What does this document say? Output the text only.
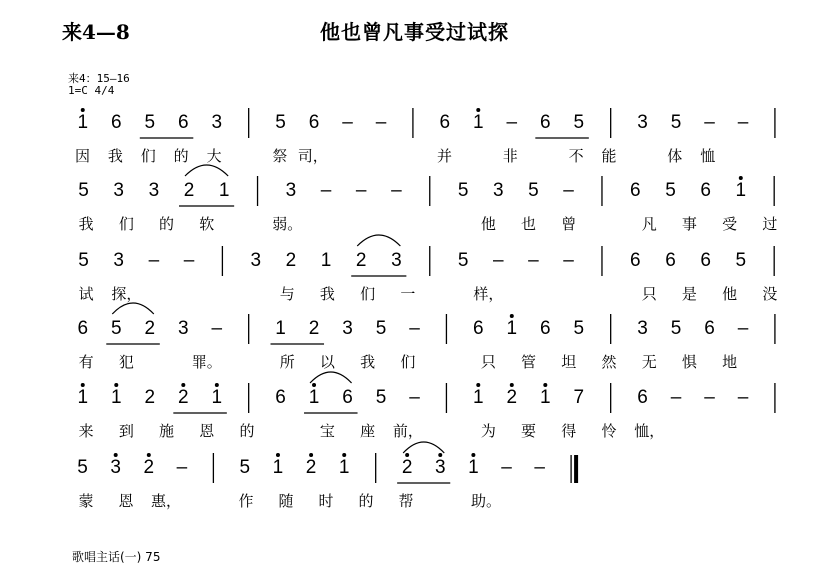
来4—8	他也曾凡事受过试探
来4：15—16
1=C 4/4
1 6 5 6 3	5 6 – –	6 1 – 6 5	3 5 – –
因 我 们 的 大	祭 司，	并	非	不 能	体 恤
5 3 3 2 1	3 – – –	5 3 5 –	6 5 6 1
我 们 的 软	弱。	他 也 曾	凡 事 受 过
5 3 – –	3 2 1 2 3	5 – – –	6 6 6 5
试 探，	与 我 们 一	样，	只 是 他 没
6 5 2 3 –	1 2 3 5 –	6 1 6 5	3 5 6 –
有 犯	罪。	所 以 我 们	只 管 坦 然 无 惧 地
1 1 2 2 1	6 1 6 5 –	1 2 1 7	6 – – –
来 到 施 恩 的	宝 座 前，	为 要 得 怜 恤，
5 3 2 –	5 1 2 1	2 3 1 – –
蒙 恩 惠，	作 随 时 的 帮	助。
歌唱主话(一) 75
